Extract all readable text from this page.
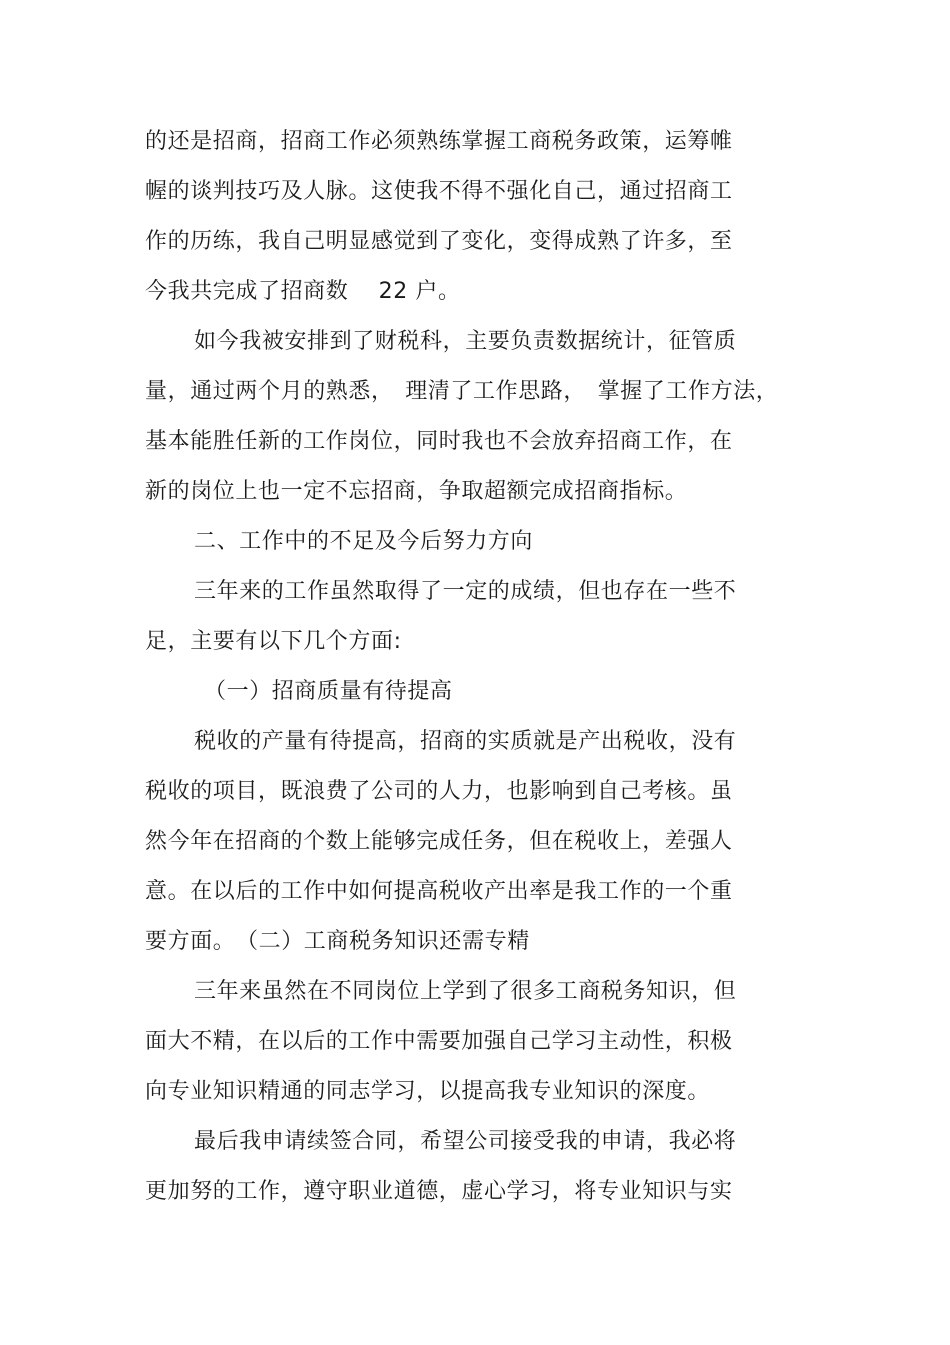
的还是招商，招商工作必须熟练掌握工商税务政策，运筹帷
幄的谈判技巧及人脉。这使我不得不强化自己，通过招商工
作的历练，我自己明显感觉到了变化，变得成熟了许多，至
今我共完成了招商数　 22 户。
如今我被安排到了财税科，主要负责数据统计，征管质
量，通过两个月的熟悉，　理清了工作思路，　掌握了工作方法，
基本能胜任新的工作岗位，同时我也不会放弃招商工作，在
新的岗位上也一定不忘招商，争取超额完成招商指标。
二、工作中的不足及今后努力方向
三年来的工作虽然取得了一定的成绩，但也存在一些不
足，主要有以下几个方面:
（一）招商质量有待提高
税收的产量有待提高，招商的实质就是产出税收，没有
税收的项目，既浪费了公司的人力，也影响到自己考核。虽
然今年在招商的个数上能够完成任务，但在税收上，差强人
意。在以后的工作中如何提高税收产出率是我工作的一个重
要方面。　（二）工商税务知识还需专精
三年来虽然在不同岗位上学到了很多工商税务知识，但
面大不精，在以后的工作中需要加强自己学习主动性，积极
向专业知识精通的同志学习，以提高我专业知识的深度。
最后我申请续签合同，希望公司接受我的申请，我必将
更加努的工作，遵守职业道德，虚心学习，将专业知识与实
